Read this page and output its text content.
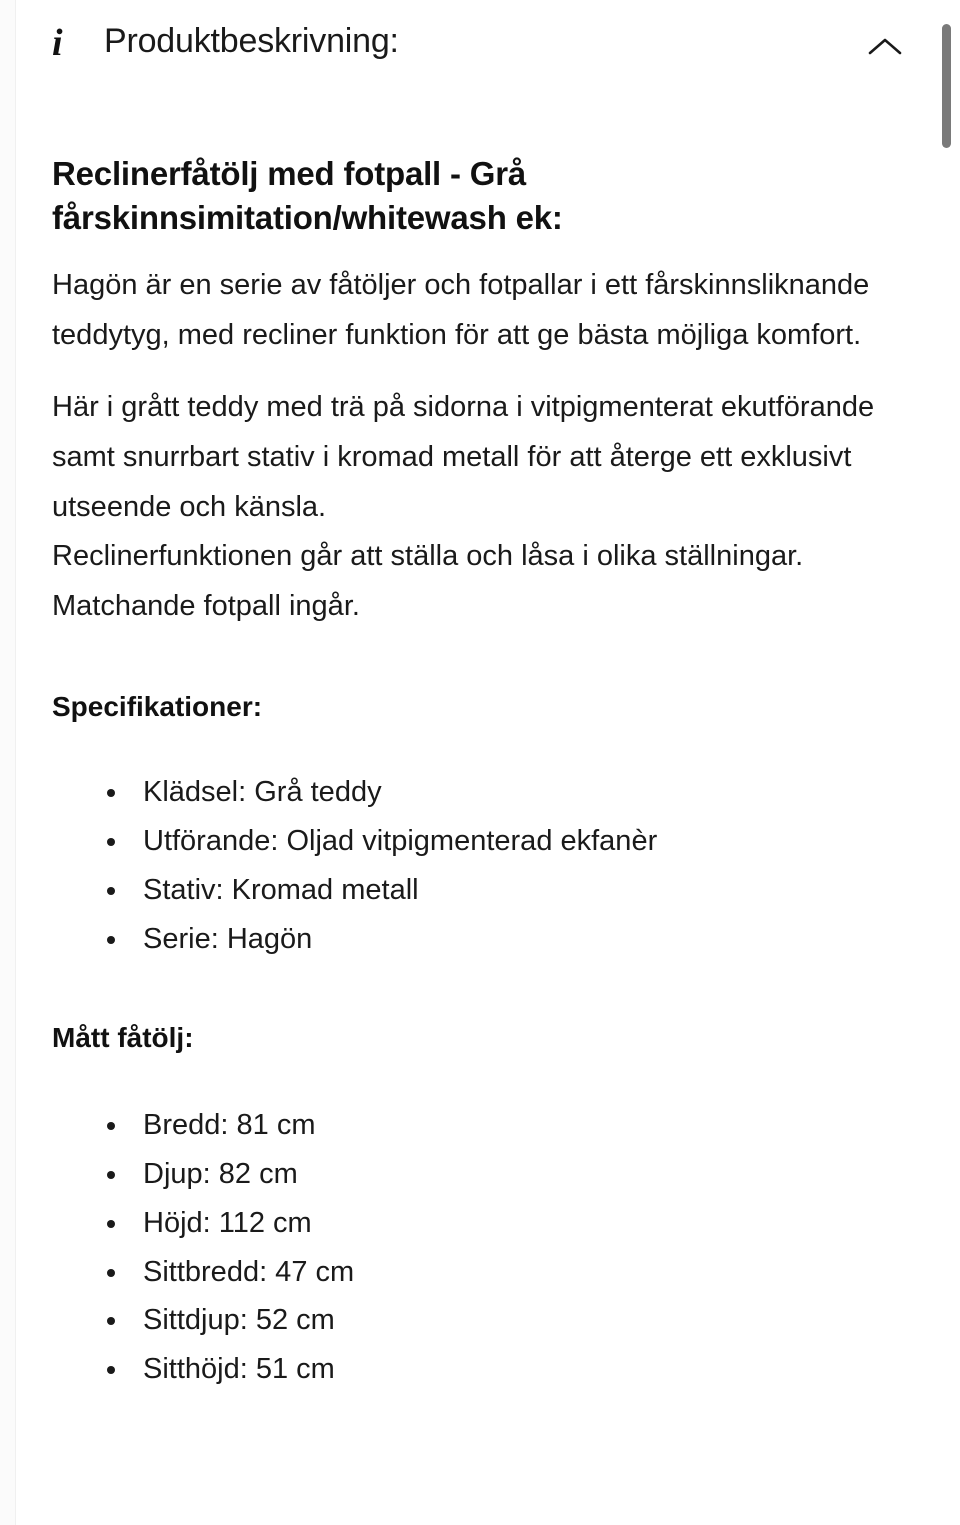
i	Produktbeskrivning:
Reclinerfåtölj med fotpall - Grå fårskinnsimitation/whitewash ek:

Hagön är en serie av fåtöljer och fotpallar i ett fårskinnsliknande teddytyg, med recliner funktion för att ge bästa möjliga komfort.

Här i grått teddy med trä på sidorna i vitpigmenterat ekutförande samt snurrbart stativ i kromad metall för att återge ett exklusivt utseende och känsla.

Reclinerfunktionen går att ställa och låsa i olika ställningar. Matchande fotpall ingår.

Specifikationer:
Klädsel: Grå teddy
Utförande: Oljad vitpigmenterad ekfanèr
Stativ: Kromad metall
Serie: Hagön
Mått fåtölj:
Bredd: 81 cm
Djup: 82 cm
Höjd: 112 cm
Sittbredd: 47 cm
Sittdjup: 52 cm
Sitthöjd: 51 cm
